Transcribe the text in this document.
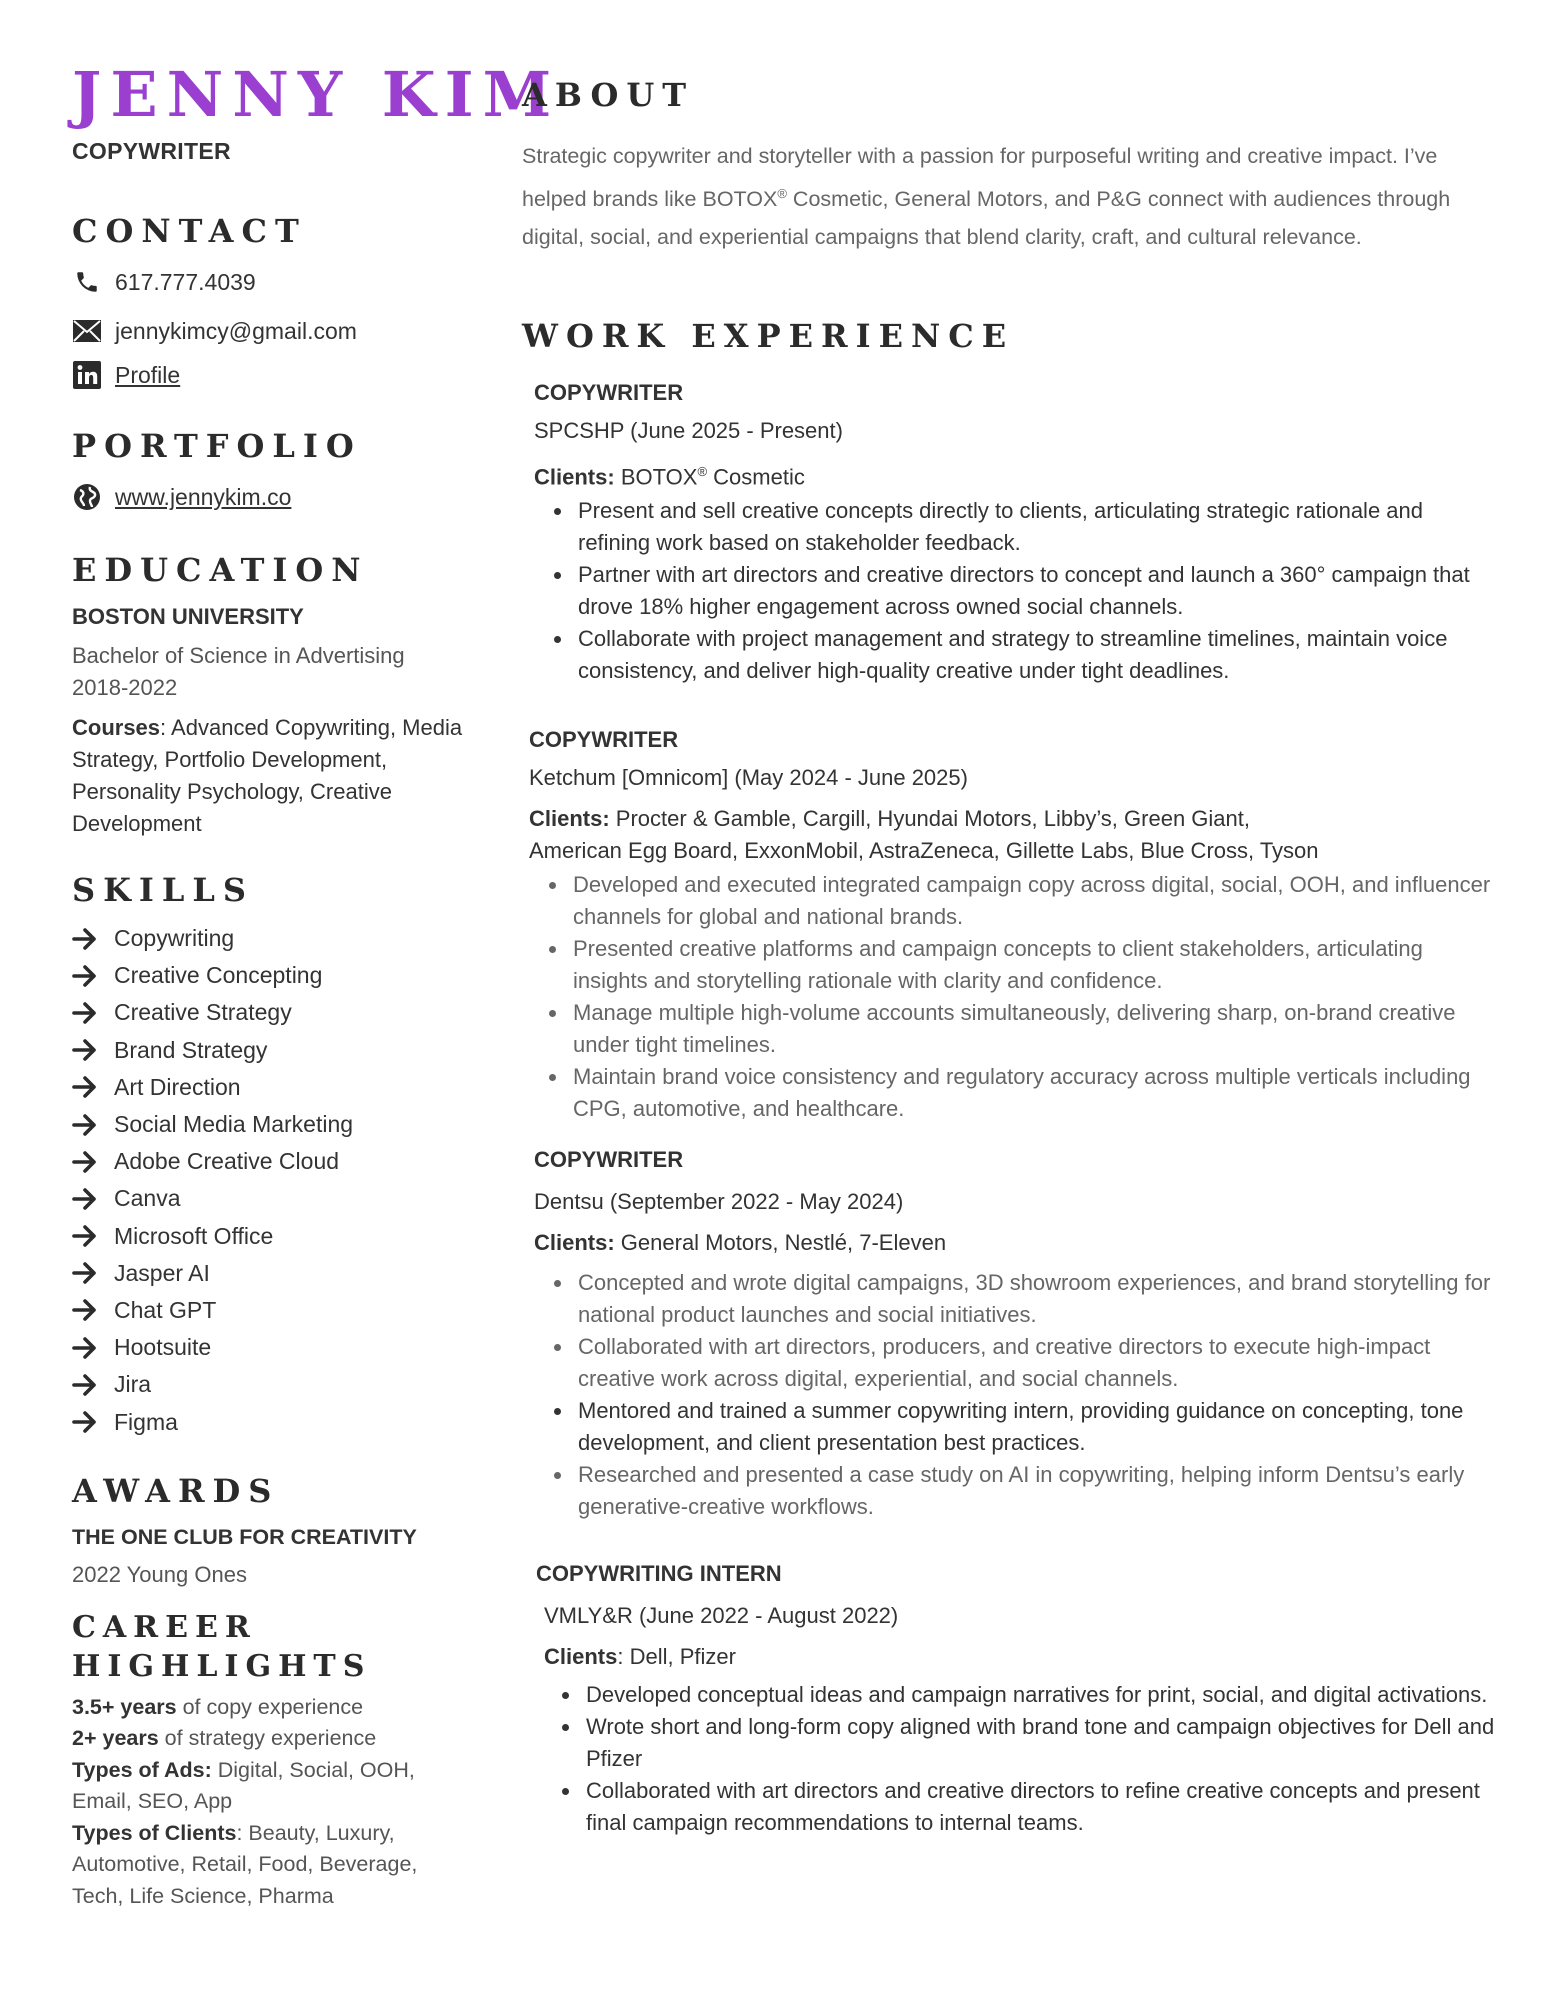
JENNY KIM
COPYWRITER
CONTACT
617.777.4039
jennykimcy@gmail.com
Profile
PORTFOLIO
www.jennykim.co
EDUCATION
BOSTON UNIVERSITY
Bachelor of Science in Advertising
2018-2022
Courses: Advanced Copywriting, Media Strategy, Portfolio Development, Personality Psychology, Creative Development
SKILLS
Copywriting
Creative Concepting
Creative Strategy
Brand Strategy
Art Direction
Social Media Marketing
Adobe Creative Cloud
Canva
Microsoft Office
Jasper AI
Chat GPT
Hootsuite
Jira
Figma
AWARDS
THE ONE CLUB FOR CREATIVITY
2022 Young Ones
CAREER
HIGHLIGHTS
3.5+ years of copy experience
2+ years of strategy experience
Types of Ads: Digital, Social, OOH, Email, SEO, App
Types of Clients: Beauty, Luxury, Automotive, Retail, Food, Beverage, Tech, Life Science, Pharma
ABOUT
Strategic copywriter and storyteller with a passion for purposeful writing and creative impact. I’ve helped brands like BOTOX® Cosmetic, General Motors, and P&G connect with audiences through digital, social, and experiential campaigns that blend clarity, craft, and cultural relevance.
WORK EXPERIENCE
COPYWRITER
SPCSHP (June 2025 - Present)
Clients: BOTOX® Cosmetic
• Present and sell creative concepts directly to clients, articulating strategic rationale and refining work based on stakeholder feedback.
• Partner with art directors and creative directors to concept and launch a 360° campaign that drove 18% higher engagement across owned social channels.
• Collaborate with project management and strategy to streamline timelines, maintain voice consistency, and deliver high-quality creative under tight deadlines.
COPYWRITER
Ketchum [Omnicom] (May 2024 - June 2025)
Clients: Procter & Gamble, Cargill, Hyundai Motors, Libby’s, Green Giant,
American Egg Board, ExxonMobil, AstraZeneca, Gillette Labs, Blue Cross, Tyson
• Developed and executed integrated campaign copy across digital, social, OOH, and influencer channels for global and national brands.
• Presented creative platforms and campaign concepts to client stakeholders, articulating insights and storytelling rationale with clarity and confidence.
• Manage multiple high-volume accounts simultaneously, delivering sharp, on-brand creative under tight timelines.
• Maintain brand voice consistency and regulatory accuracy across multiple verticals including CPG, automotive, and healthcare.
COPYWRITER
Dentsu (September 2022 - May 2024)
Clients: General Motors, Nestlé, 7-Eleven
• Concepted and wrote digital campaigns, 3D showroom experiences, and brand storytelling for national product launches and social initiatives.
• Collaborated with art directors, producers, and creative directors to execute high-impact creative work across digital, experiential, and social channels.
• Mentored and trained a summer copywriting intern, providing guidance on concepting, tone development, and client presentation best practices.
• Researched and presented a case study on AI in copywriting, helping inform Dentsu’s early generative-creative workflows.
COPYWRITING INTERN
VMLY&R (June 2022 - August 2022)
Clients: Dell, Pfizer
• Developed conceptual ideas and campaign narratives for print, social, and digital activations.
• Wrote short and long-form copy aligned with brand tone and campaign objectives for Dell and Pfizer
• Collaborated with art directors and creative directors to refine creative concepts and present final campaign recommendations to internal teams.
